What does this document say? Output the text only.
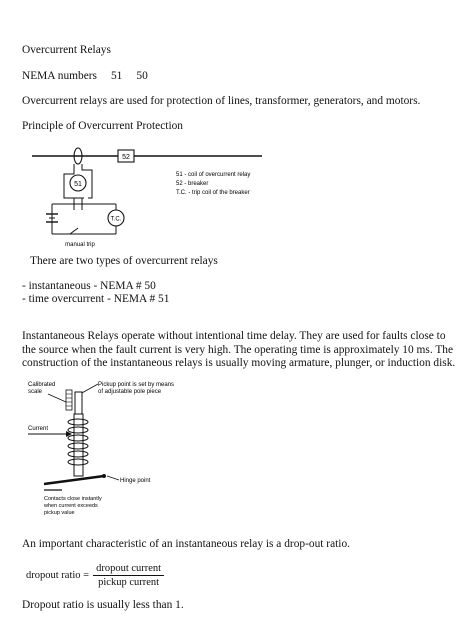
Overcurrent Relays
NEMA numbers 51 50
Overcurrent relays are used for protection of lines, transformer, generators, and motors.
Principle of Overcurrent Protection
52
51
manual trip
T.C.
51 - coil of overcurrent relay
52 - breaker
T.C. - trip coil of the breaker
There are two types of overcurrent relays
- instantaneous - NEMA # 50
- time overcurrent - NEMA # 51
Instantaneous Relays operate without intentional time delay. They are used for faults close to the source when the fault current is very high. The operating time is approximately 10 ms. The construction of the instantaneous relays is usually moving armature, plunger, or induction disk.
Calibrated
scale
Pickup point is set by means
of adjustable pole piece
Current
Hinge point
Contacts close instantly
when current exceeds
pickup value
An important characteristic of an instantaneous relay is a drop-out ratio.
dropout ratio = $\frac{\text{dropout current}}{\text{pickup current}}$
Dropout ratio is usually less than 1.
